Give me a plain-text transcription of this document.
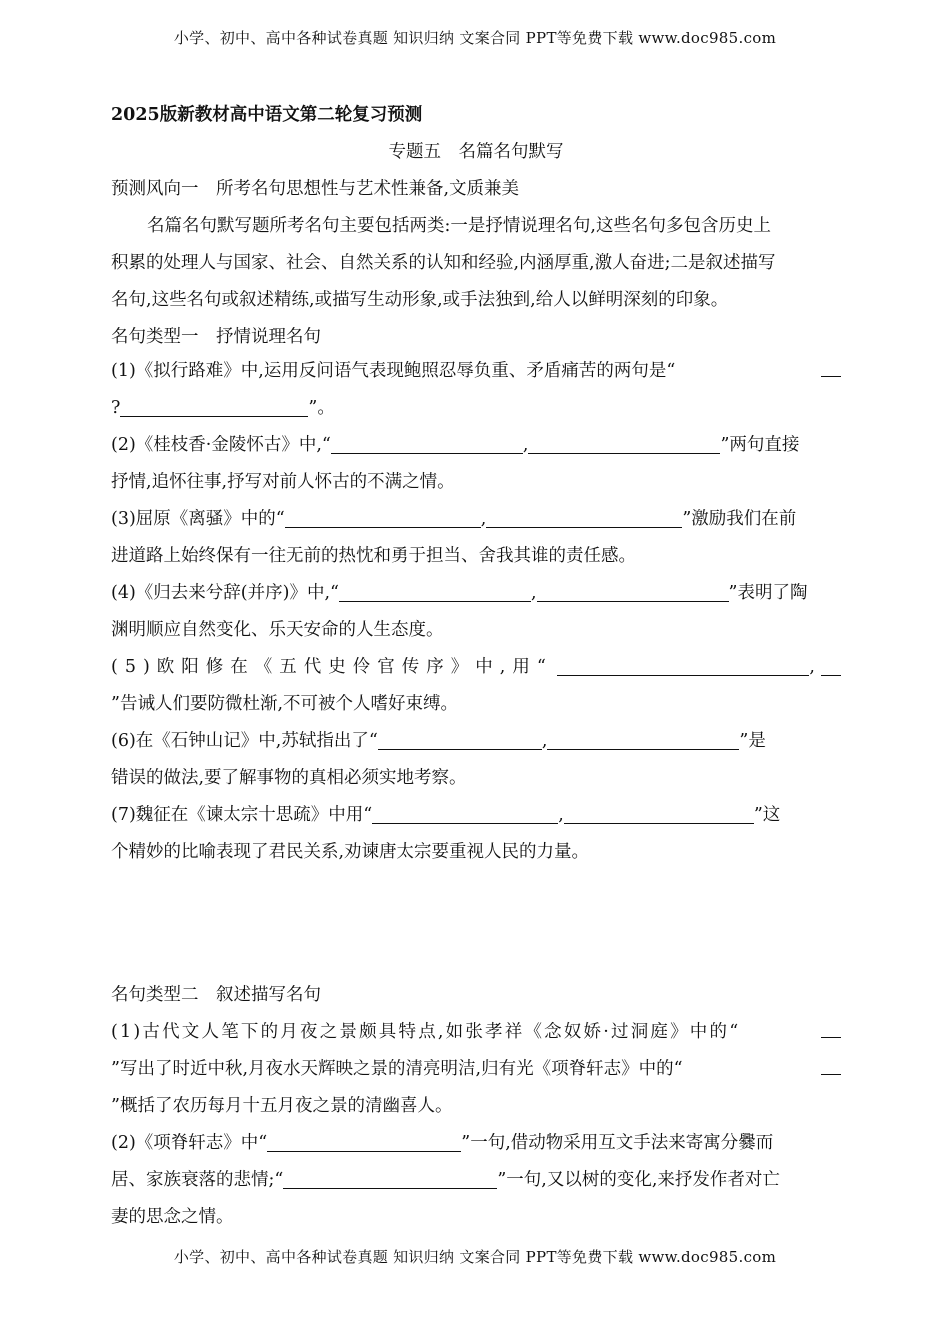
小学、初中、高中各种试卷真题 知识归纳 文案合同 PPT等免费下载 www.doc985.com
2025版新教材高中语文第二轮复习预测
专题五　名篇名句默写
预测风向一　所考名句思想性与艺术性兼备,文质兼美
名篇名句默写题所考名句主要包括两类:一是抒情说理名句,这些名句多包含历史上
积累的处理人与国家、社会、自然关系的认知和经验,内涵厚重,激人奋进;二是叙述描写
名句,这些名句或叙述精练,或描写生动形象,或手法独到,给人以鲜明深刻的印象。
名句类型一　抒情说理名句
(1)《拟行路难》中,运用反问语气表现鲍照忍辱负重、矛盾痛苦的两句是“
?	”。
(2)《桂枝香·金陵怀古》中,“	,	”两句直接
抒情,追怀往事,抒写对前人怀古的不满之情。
(3)屈原《离骚》中的“	,	”激励我们在前
进道路上始终保有一往无前的热忱和勇于担当、舍我其谁的责任感。
(4)《归去来兮辞(并序)》中,“	,	”表明了陶
渊明顺应自然变化、乐天安命的人生态度。
(5)欧阳修在《五代史伶官传序》中,用“	,
”告诫人们要防微杜渐,不可被个人嗜好束缚。
(6)在《石钟山记》中,苏轼指出了“	,	”是
错误的做法,要了解事物的真相必须实地考察。
(7)魏征在《谏太宗十思疏》中用“	,	”这
个精妙的比喻表现了君民关系,劝谏唐太宗要重视人民的力量。
名句类型二　叙述描写名句
(1)古代文人笔下的月夜之景颇具特点,如张孝祥《念奴娇·过洞庭》中的“
”写出了时近中秋,月夜水天辉映之景的清亮明洁,归有光《项脊轩志》中的“
”概括了农历每月十五月夜之景的清幽喜人。
(2)《项脊轩志》中“	”一句,借动物采用互文手法来寄寓分爨而
居、家族衰落的悲情;“	”一句,又以树的变化,来抒发作者对亡
妻的思念之情。
小学、初中、高中各种试卷真题 知识归纳 文案合同 PPT等免费下载 www.doc985.com
